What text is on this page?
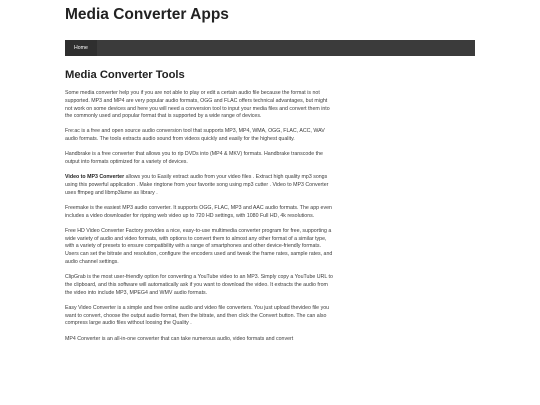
Media Converter Apps
Home
Media Converter Tools

Some media converter help you if you are not able to play or edit a certain audio file because the format is not supported. MP3 and MP4 are very popular audio formats, OGG and FLAC offers technical advantages, but might not work on some devices and here you will need a conversion tool to input your media files and convert them into the commonly used and popular format that is supported by a wide range of devices.

Fre:ac is a free and open source audio conversion tool that supports MP3, MP4, WMA, OGG, FLAC, ACC, WAV audio formats. The tools extracts audio sound from videos quickly and easily for the highest quality.

Handbrake is a free converter that allows you to rip DVDs into (MP4 & MKV) formats. Handbrake transcode the output into formats optimized for a variety of devices.

Video to MP3 Converter allows you to Easily extract audio from your video files . Extract high quality mp3 songs using this powerful application . Make ringtone from your favorite song using mp3 cutter . Video to MP3 Converter uses ffmpeg and libmp3lame as library .

Freemake is the easiest MP3 audio converter. It supports OGG, FLAC, MP3 and AAC audio formats. The app even includes a video downloader for ripping web video up to 720 HD settings, with 1080 Full HD, 4k resolutions.

Free HD Video Converter Factory provides a nice, easy-to-use multimedia converter program for free, supporting a wide variety of audio and video formats, with options to convert them to almost any other format of a similar type, with a variety of presets to ensure compatibility with a range of smartphones and other device-friendly formats. Users can set the bitrate and resolution, configure the encoders used and tweak the frame rates, sample rates, and audio channel settings.

ClipGrab is the most user-friendly option for converting a YouTube video to an MP3. Simply copy a YouTube URL to the clipboard, and this software will automatically ask if you want to download the video. It extracts the audio from the video into include MP3, MPEG4 and WMV audio formats.

Easy Video Converter is a simple and free online audio and video file converters. You just upload thevideo file you want to convert, choose the output audio format, then the bitrate, and then click the Convert button. The can also compress large audio files without loosing the Quality .

MP4 Converter is an all-in-one converter that can take numerous audio, video formats and convert
